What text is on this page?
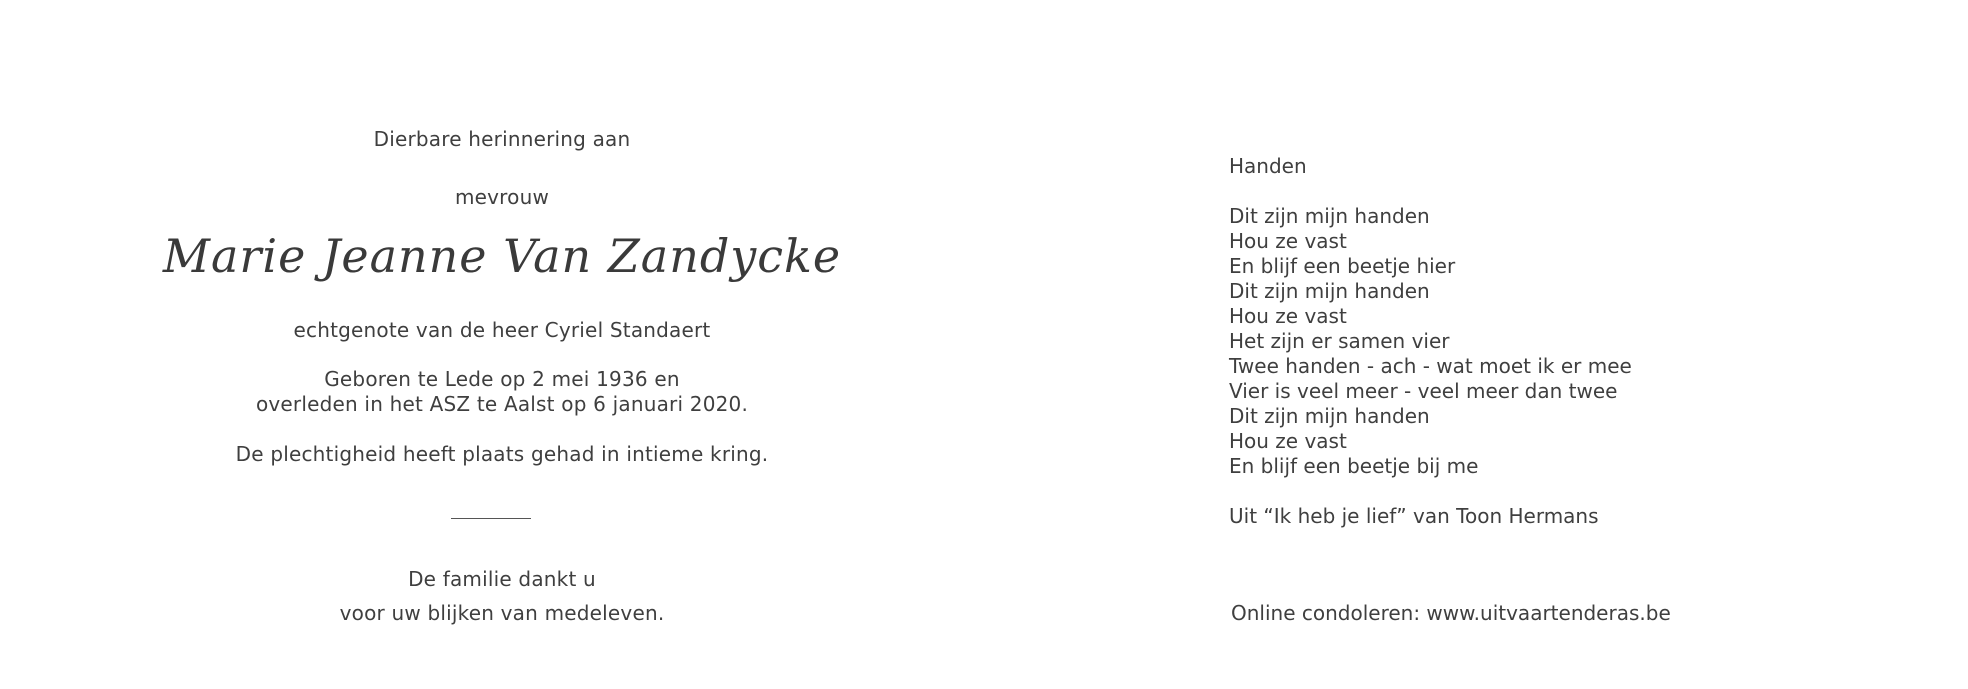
Dierbare herinnering aan
mevrouw
Marie Jeanne Van Zandycke
echtgenote van de heer Cyriel Standaert
Geboren te Lede op 2 mei 1936 en
overleden in het ASZ te Aalst op 6 januari 2020.
De plechtigheid heeft plaats gehad in intieme kring.
De familie dankt u
voor uw blijken van medeleven.
Handen
Dit zijn mijn handen
Hou ze vast
En blijf een beetje hier
Dit zijn mijn handen
Hou ze vast
Het zijn er samen vier
Twee handen - ach - wat moet ik er mee
Vier is veel meer - veel meer dan twee
Dit zijn mijn handen
Hou ze vast
En blijf een beetje bij me
Uit “Ik heb je lief” van Toon Hermans
Online condoleren: www.uitvaartenderas.be
